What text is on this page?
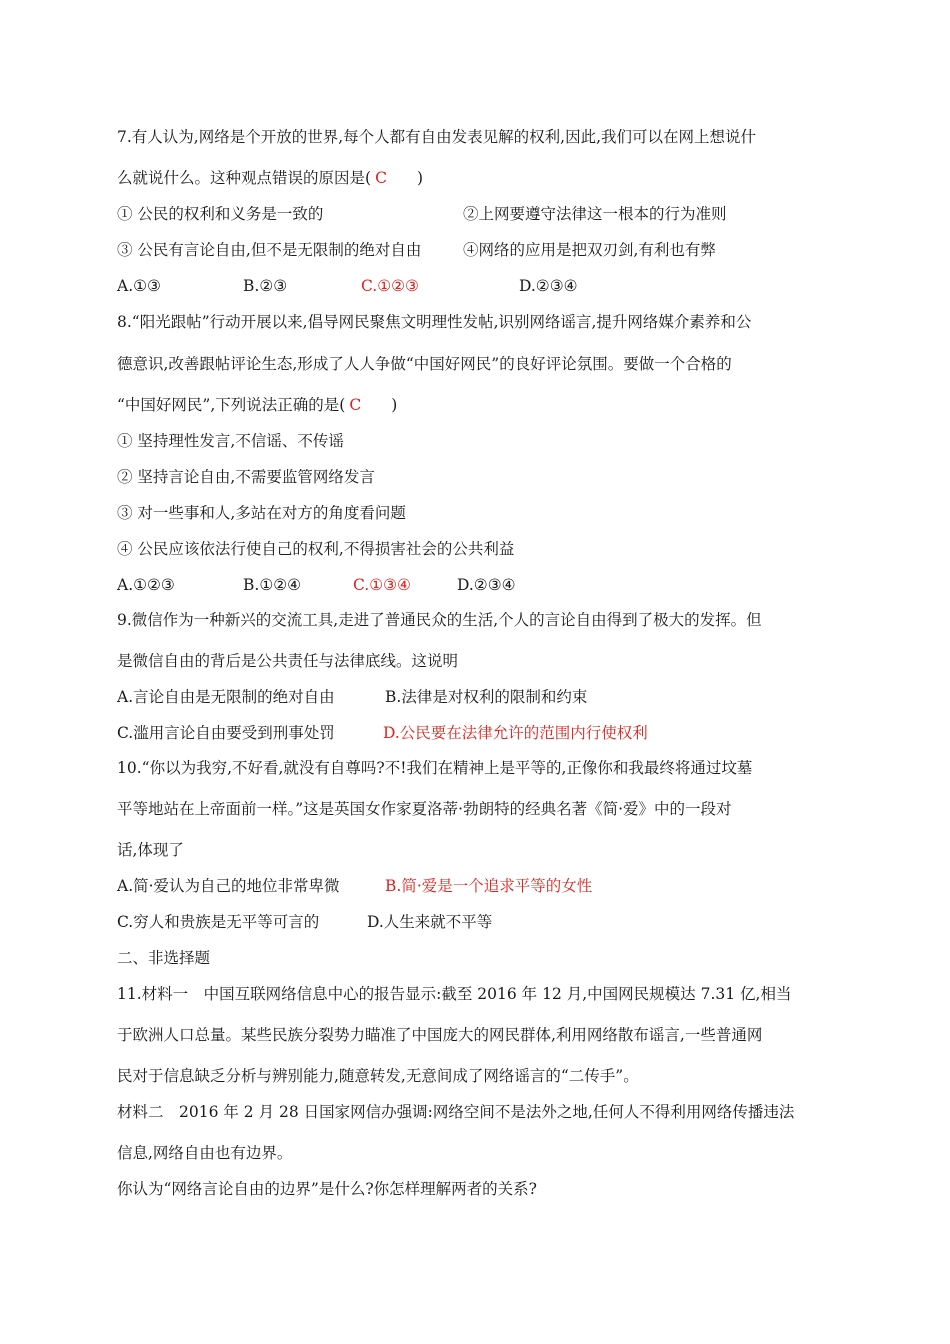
7.有人认为,网络是个开放的世界,每个人都有自由发表见解的权利,因此,我们可以在网上想说什
么就说什么。这种观点错误的原因是( C )
① 公民的权利和义务是一致的	②上网要遵守法律这一根本的行为准则
③ 公民有言论自由,但不是无限制的绝对自由	④网络的应用是把双刃剑,有利也有弊
A.①③	B.②③	C.①②③	D.②③④
8.“阳光跟帖”行动开展以来,倡导网民聚焦文明理性发帖,识别网络谣言,提升网络媒介素养和公
德意识,改善跟帖评论生态,形成了人人争做“中国好网民”的良好评论氛围。要做一个合格的
“中国好网民”,下列说法正确的是( C )
① 坚持理性发言,不信谣、不传谣
② 坚持言论自由,不需要监管网络发言
③ 对一些事和人,多站在对方的角度看问题
④ 公民应该依法行使自己的权利,不得损害社会的公共利益
A.①②③	B.①②④	C.①③④	D.②③④
9.微信作为一种新兴的交流工具,走进了普通民众的生活,个人的言论自由得到了极大的发挥。但
是微信自由的背后是公共责任与法律底线。这说明
A.言论自由是无限制的绝对自由	B.法律是对权利的限制和约束
C.滥用言论自由要受到刑事处罚	D.公民要在法律允许的范围内行使权利
10.“你以为我穷,不好看,就没有自尊吗?不!我们在精神上是平等的,正像你和我最终将通过坟墓
平等地站在上帝面前一样。”这是英国女作家夏洛蒂·勃朗特的经典名著《简·爱》中的一段对
话,体现了
A.简·爱认为自己的地位非常卑微	B.简·爱是一个追求平等的女性
C.穷人和贵族是无平等可言的	D.人生来就不平等
二、非选择题
11.材料一　中国互联网络信息中心的报告显示:截至 2016 年 12 月,中国网民规模达 7.31 亿,相当
于欧洲人口总量。某些民族分裂势力瞄准了中国庞大的网民群体,利用网络散布谣言,一些普通网
民对于信息缺乏分析与辨别能力,随意转发,无意间成了网络谣言的“二传手”。
材料二　2016 年 2 月 28 日国家网信办强调:网络空间不是法外之地,任何人不得利用网络传播违法
信息,网络自由也有边界。
你认为“网络言论自由的边界”是什么?你怎样理解两者的关系?
